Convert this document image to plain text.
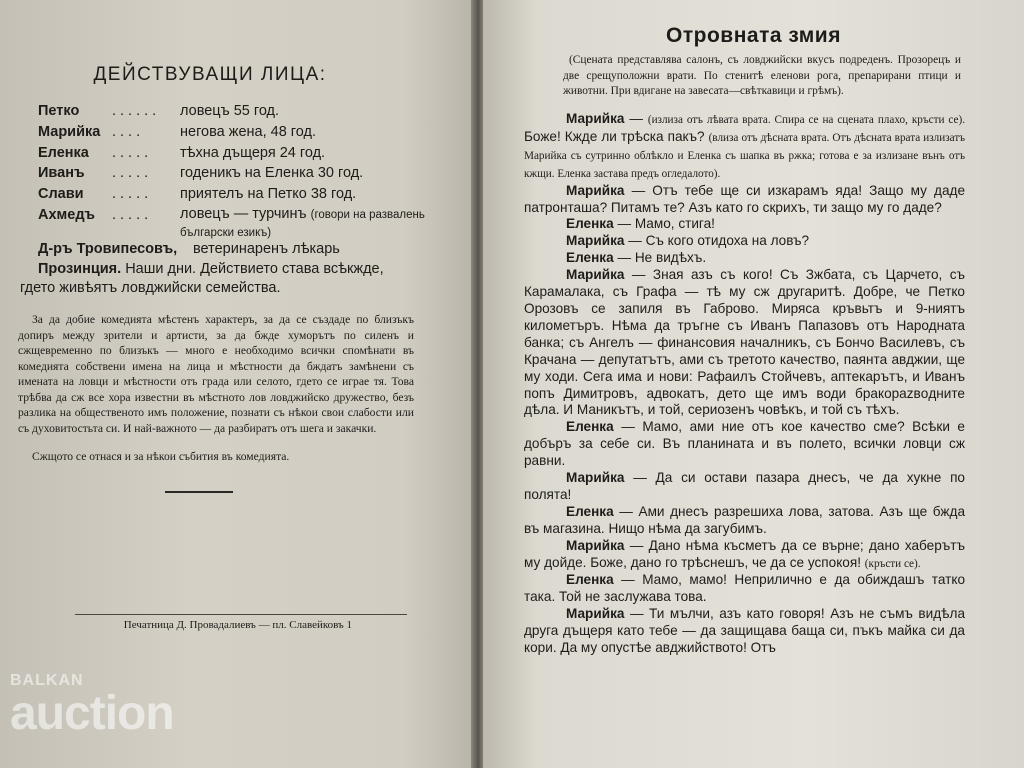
ДЕЙСТВУВАЩИ ЛИЦА:
Петко ...... ловецъ 55 год.
Марийка .... негова жена, 48 год.
Еленка ..... тѣхна дъщеря 24 год.
Иванъ ..... годеникъ на Еленка 30 год.
Слави ..... приятелъ на Петко 38 год.
Ахмедъ ..... ловецъ — турчинъ (говори на развалень български езикъ)
Д-ръ Тровипесовъ, ветеринаренъ лѣкарь
Прозинция. Наши дни. Действието става всѣкжде, гдето живѣятъ ловджийски семейства.
За да добие комедията мѣстенъ характеръ, за да се създаде по близъкъ допиръ между зрители и артисти, за да бжде хуморътъ по силенъ и сжщевременно по близъкъ — много е необходимо всички спомѣнати въ комедията собствени имена на лица и мѣстности да бждатъ замѣнени съ имената на ловци и мѣстности отъ града или селото, гдето се играе тя. Това трѣбва да сж все хора известни въ мѣстното лов ловджийско дружество, безъ разлика на общественото имъ положение, познати съ нѣкои свои слабости или съ духовитостьта си. И най-важното — да разбиратъ отъ шега и закачки.
Сжщото се отнася и за нѣкои събития въ комедията.
Печатница Д. Провадалиевъ — пл. Славейковъ 1
BALKAN
auction
Отровната змия
(Сцената представлява салонъ, съ ловджийски вкусъ подреденъ. Прозорецъ и две срещуположни врати. По стенитѣ еленови рога, препарирани птици и животни. При вдигане на завесата—свѣткавици и грѣмъ).

Марийка — (излиза отъ лѣвата врата. Спира се на сцената плахо, кръсти се). Боже! Кжде ли трѣска пакъ? (влиза отъ дѣсната врата. Отъ дѣсната врата излизатъ Марийка съ сутринно облѣкло и Еленка съ шапка въ ржка; готова е за излизане вънъ отъ кжщи. Еленка застава предъ огледалото).

Марийка — Отъ тебе ще си изкарамъ яда! Защо му даде патронташа? Питамъ те? Азъ като го скрихъ, ти защо му го даде?

Еленка — Мамо, стига!

Марийка — Съ кого отидоха на ловъ?

Еленка — Не видѣхъ.

Марийка — Зная азъ съ кого! Съ Зжбата, съ Царчето, съ Карамалака, съ Графа — тѣ му сж другаритѣ. Добре, че Петко Орозовъ се запиля въ Габрово. Мирясa кръвьтъ и 9-ниятъ километъръ. Нѣма да тръгне съ Иванъ Папазовъ отъ Народната банка; съ Ангелъ — финансовия началникъ, съ Бончо Василевъ, съ Крачана — депутатътъ, ами съ третото качество, паянта авджии, ще му ходи. Сега има и нови: Рафаилъ Стойчевъ, аптекарътъ, и Иванъ попъ Димитровъ, адвокатъ, дето ще имъ води бракорazвoдните дѣла. И Маникътъ, и той, сериозенъ човѣкъ, и той съ тѣхъ.

Еленка — Мамо, ами ние отъ кое качество сме? Всѣки е добъръ за себе си. Въ планината и въ полето, всички ловци сж равни.

Марийка — Да си остави пазара днесъ, че да хукне по полята!

Еленка — Ами днесъ разрешиха лова, затова. Азъ ще бжда въ магазина. Нищо нѣма да загубимъ.

Марийка — Дано нѣма късметъ да се върне; дано хаберътъ му дойде. Боже, дано го трѣснешъ, че да се успокоя! (кръсти се).

Еленка — Мамо, мамо! Неприлично е да обиждашъ татко така. Той не заслужава това.

Марийка — Ти мълчи, азъ като говоря! Азъ не съмъ видѣла друга дъщеря като тебе — да защищава баща си, пъкъ майка си да кори. Да му опустѣе авджийството! Отъ
